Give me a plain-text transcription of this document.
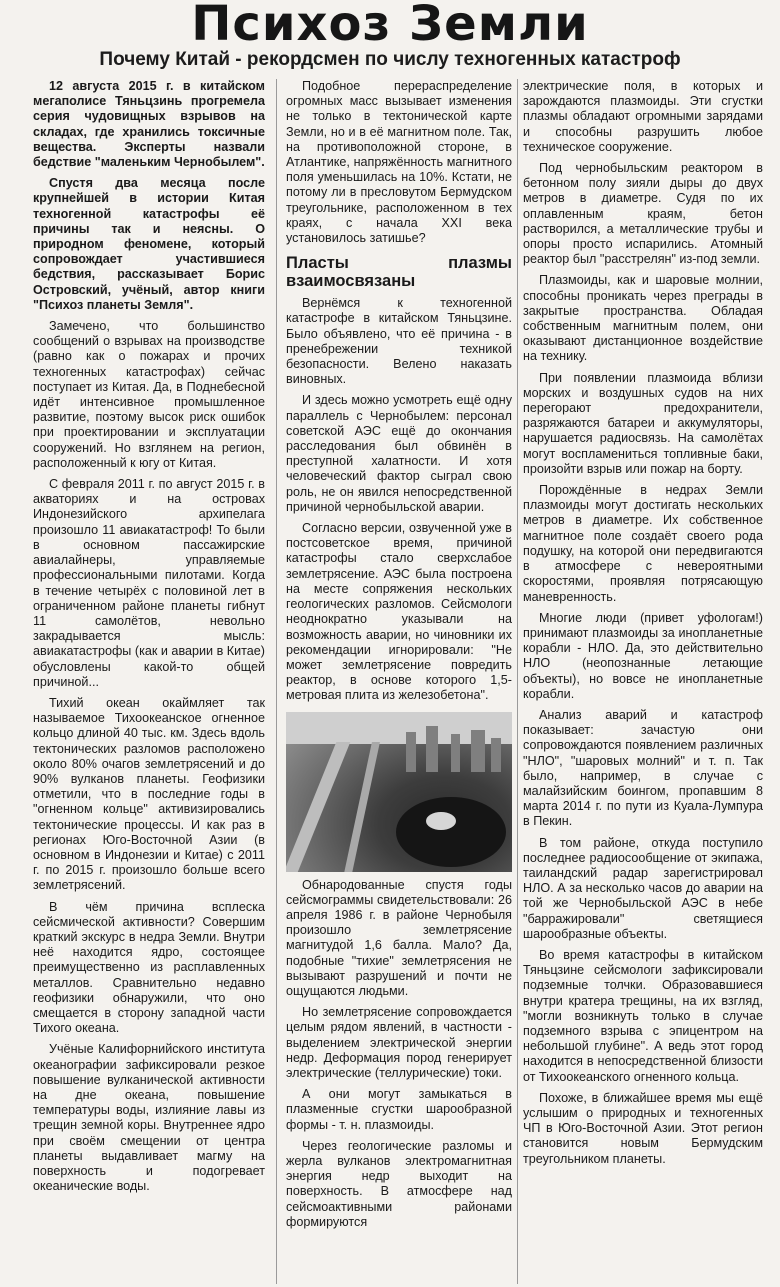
Психоз Земли
Почему Китай - рекордсмен по числу техногенных катастроф

12 августа 2015 г. в китайском мегаполисе Тяньцзинь прогремела серия чудовищных взрывов на складах, где хранились токсичные вещества. Эксперты назвали бедствие "маленьким Чернобылем".

Спустя два месяца после крупнейшей в истории Китая техногенной катастрофы её причины так и неясны. О природном феномене, который сопровождает участившиеся бедствия, рассказывает Борис Островский, учёный, автор книги "Психоз планеты Земля".

Замечено, что большинство сообщений о взрывах на производстве (равно как о пожарах и прочих техногенных катастрофах) сейчас поступает из Китая. Да, в Поднебесной идёт интенсивное промышленное развитие, поэтому высок риск ошибок при проектировании и эксплуатации сооружений. Но взглянем на регион, расположенный к югу от Китая.

С февраля 2011 г. по август 2015 г. в акваториях и на островах Индонезийского архипелага произошло 11 авиакатастроф! То были в основном пассажирские авиалайнеры, управляемые профессиональными пилотами. Когда в течение четырёх с половиной лет в ограниченном районе планеты гибнут 11 самолётов, невольно закрадывается мысль: авиакатастрофы (как и аварии в Китае) обусловлены какой-то общей причиной...

Тихий океан окаймляет так называемое Тихоокеанское огненное кольцо длиной 40 тыс. км. Здесь вдоль тектонических разломов расположено около 80% очагов землетрясений и до 90% вулканов планеты. Геофизики отметили, что в последние годы в "огненном кольце" активизировались тектонические процессы. И как раз в регионах Юго-Восточной Азии (в основном в Индонезии и Китае) с 2011 г. по 2015 г. произошло больше всего землетрясений.

В чём причина всплеска сейсмической активности? Совершим краткий экскурс в недра Земли. Внутри неё находится ядро, состоящее преимущественно из расплавленных металлов. Сравнительно недавно геофизики обнаружили, что оно смещается в сторону западной части Тихого океана.

Учёные Калифорнийского института океанографии зафиксировали резкое повышение вулканической активности на дне океана, повышение температуры воды, излияние лавы из трещин земной коры. Внутреннее ядро при своём смещении от центра планеты выдавливает магму на поверхность и подогревает океанические воды.

Подобное перераспределение огромных масс вызывает изменения не только в тектонической карте Земли, но и в её магнитном поле. Так, на противоположной стороне, в Атлантике, напряжённость магнитного поля уменьшилась на 10%. Кстати, не потому ли в пресловутом Бермудском треугольнике, расположенном в тех краях, с начала XXI века установилось затишье?

Пласты плазмы взаимосвязаны

Вернёмся к техногенной катастрофе в китайском Тяньцзине. Было объявлено, что её причина - в пренебрежении техникой безопасности. Велено наказать виновных.

И здесь можно усмотреть ещё одну параллель с Чернобылем: персонал советской АЭС ещё до окончания расследования был обвинён в преступной халатности. И хотя человеческий фактор сыграл свою роль, не он явился непосредственной причиной чернобыльской аварии.

Согласно версии, озвученной уже в постсоветское время, причиной катастрофы стало сверхслабое землетрясение. АЭС была построена на месте сопряжения нескольких геологических разломов. Сейсмологи неоднократно указывали на возможность аварии, но чиновники их рекомендации игнорировали: "Не может землетрясение повредить реактор, в основе которого 1,5-метровая плита из железобетона".

Обнародованные спустя годы сейсмограммы свидетельствовали: 26 апреля 1986 г. в районе Чернобыля произошло землетрясение магнитудой 1,6 балла. Мало? Да, подобные "тихие" землетрясения не вызывают разрушений и почти не ощущаются людьми.

Но землетрясение сопровождается целым рядом явлений, в частности - выделением электрической энергии недр. Деформация пород генерирует электрические (теллурические) токи.

А они могут замыкаться в плазменные сгустки шарообразной формы - т. н. плазмоиды.

Через геологические разломы и жерла вулканов электромагнитная энергия недр выходит на поверхность. В атмосфере над сейсмоактивными районами формируются

электрические поля, в которых и зарождаются плазмоиды. Эти сгустки плазмы обладают огромными зарядами и способны разрушить любое техническое сооружение.

Под чернобыльским реактором в бетонном полу зияли дыры до двух метров в диаметре. Судя по их оплавленным краям, бетон растворился, а металлические трубы и опоры просто испарились. Атомный реактор был "расстрелян" из-под земли.

Плазмоиды, как и шаровые молнии, способны проникать через преграды в закрытые пространства. Обладая собственным магнитным полем, они оказывают дистанционное воздействие на технику.

При появлении плазмоида вблизи морских и воздушных судов на них перегорают предохранители, разряжаются батареи и аккумуляторы, нарушается радиосвязь. На самолётах могут воспламениться топливные баки, произойти взрыв или пожар на борту.

Порождённые в недрах Земли плазмоиды могут достигать нескольких метров в диаметре. Их собственное магнитное поле создаёт своего рода подушку, на которой они передвигаются в атмосфере с невероятными скоростями, проявляя потрясающую маневренность.

Многие люди (привет уфологам!) принимают плазмоиды за инопланетные корабли - НЛО. Да, это действительно НЛО (неопознанные летающие объекты), но вовсе не инопланетные корабли.

Анализ аварий и катастроф показывает: зачастую они сопровождаются появлением различных "НЛО", "шаровых молний" и т. п. Так было, например, в случае с малайзийским боингом, пропавшим 8 марта 2014 г. по пути из Куала-Лумпура в Пекин.

В том районе, откуда поступило последнее радиосообщение от экипажа, таиландский радар зарегистрировал НЛО. А за несколько часов до аварии на той же Чернобыльской АЭС в небе "барражировали" светящиеся шарообразные объекты.

Во время катастрофы в китайском Тяньцзине сейсмологи зафиксировали подземные толчки. Образовавшиеся внутри кратера трещины, на их взгляд, "могли возникнуть только в случае подземного взрыва с эпицентром на небольшой глубине". А ведь этот город находится в непосредственной близости от Тихоокеанского огненного кольца.

Похоже, в ближайшее время мы ещё услышим о природных и техногенных ЧП в Юго-Восточной Азии. Этот регион становится новым Бермудским треугольником планеты.
